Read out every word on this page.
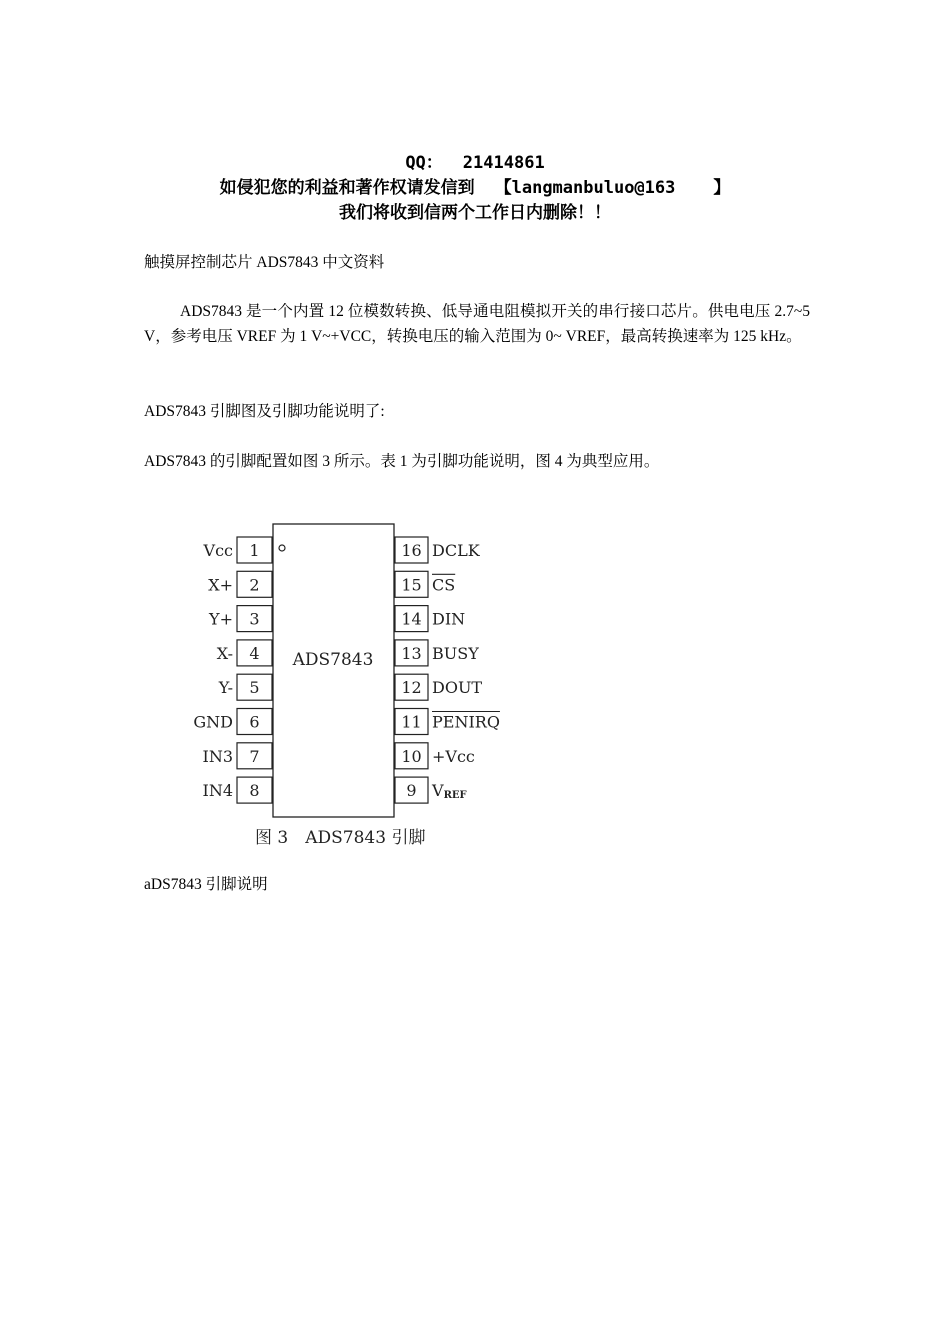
QQ： 21414861
如侵犯您的利益和著作权请发信到 【langmanbuluo@163 】
我们将收到信两个工作日内删除！！
触摸屏控制芯片 ADS7843 中文资料
ADS7843 是一个内置 12 位模数转换、低导通电阻模拟开关的串行接口芯片。供电电压 2.7~5 V，参考电压 VREF 为 1 V~+VCC，转换电压的输入范围为 0~ VREF，最高转换速率为 125 kHz。
ADS7843 引脚图及引脚功能说明了:
ADS7843 的引脚配置如图 3 所示。表 1 为引脚功能说明，图 4 为典型应用。
ADS7843
1
Vcc
2
X+
3
Y+
4
X-
5
Y-
6
GND
7
IN3
8
IN4
16 DCLK
15 CS
14 DIN
13 BUSY
12 DOUT
11 PENIRQ
10 +Vcc
9 VREF
图 3　ADS7843 引脚
aDS7843 引脚说明
